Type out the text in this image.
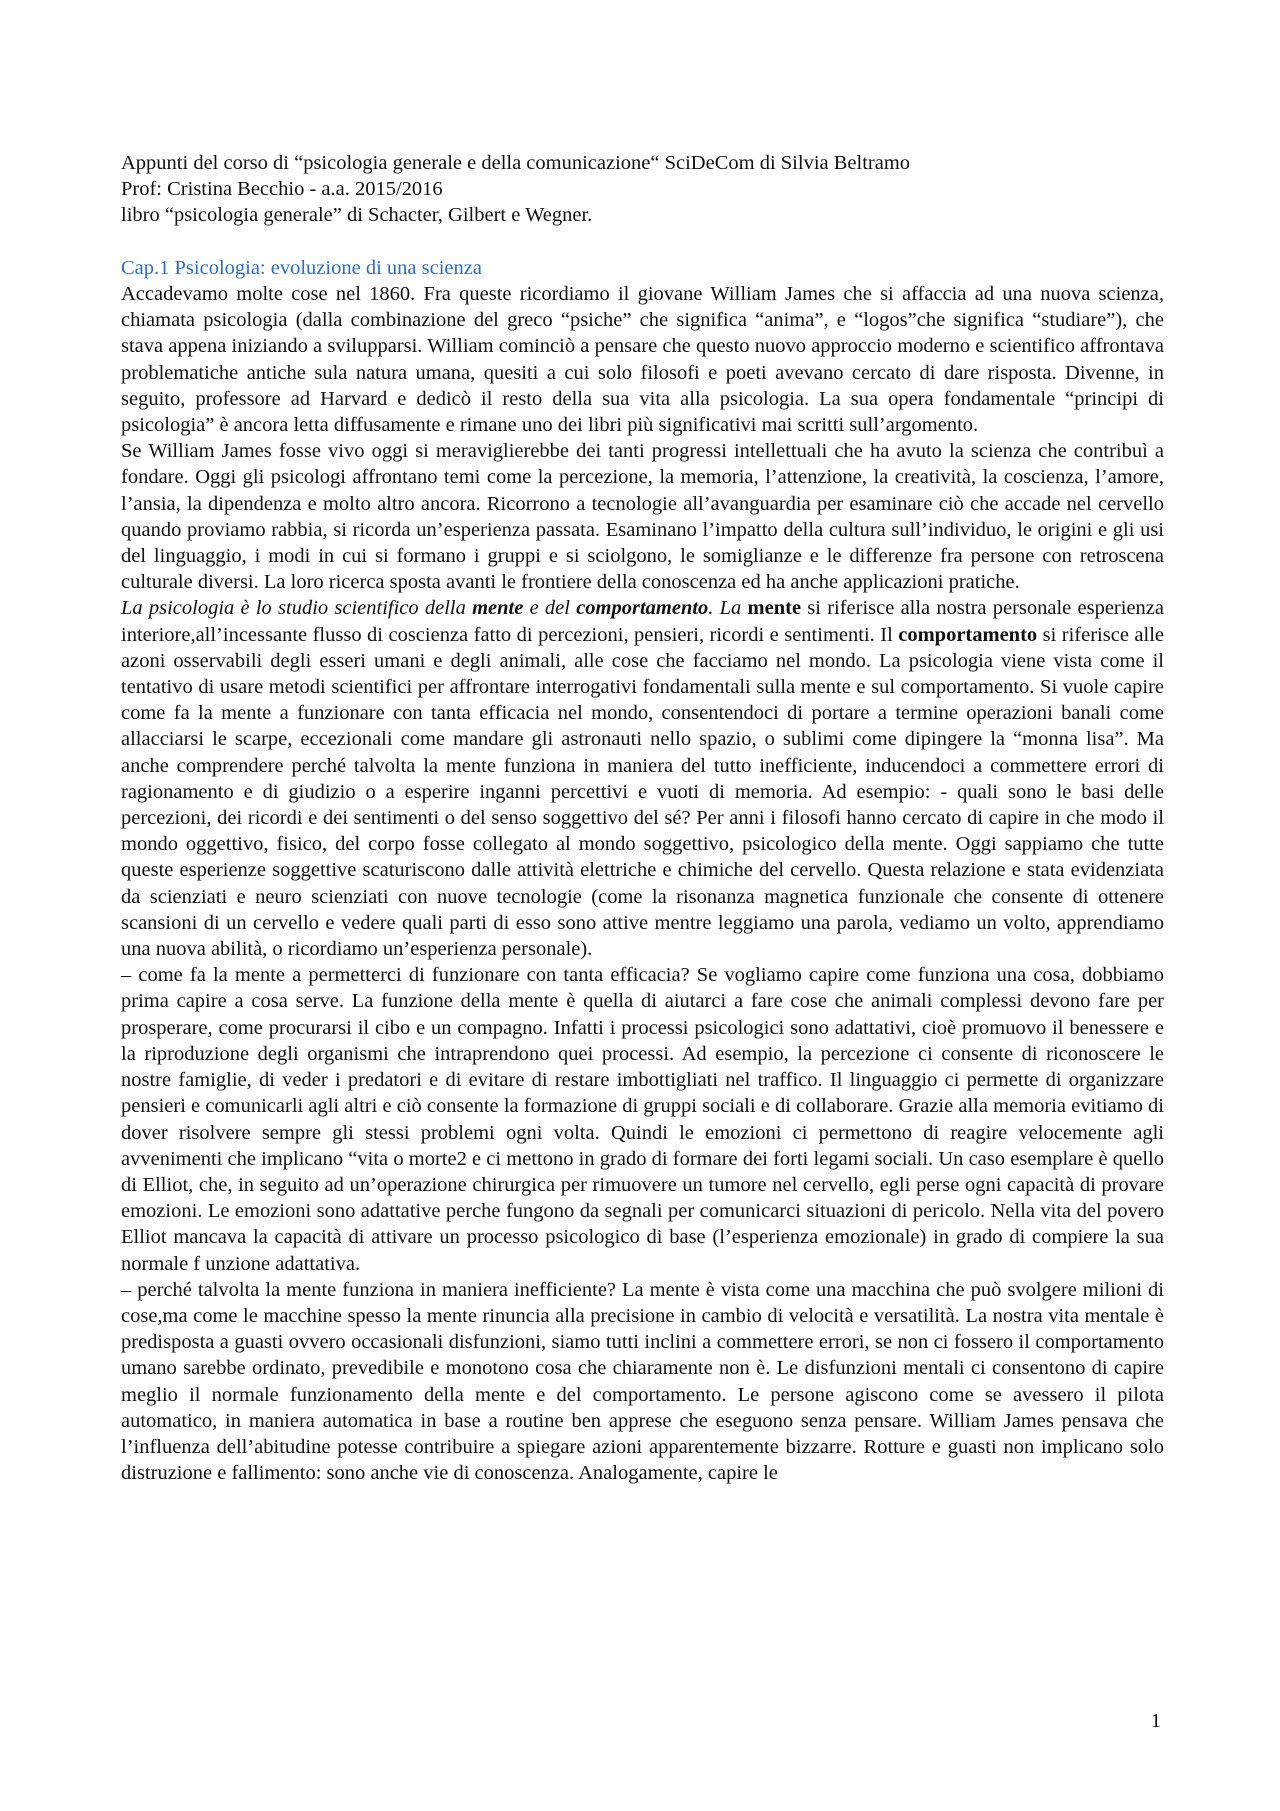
Appunti del corso di “psicologia generale e della comunicazione“ SciDeCom di Silvia Beltramo

Prof: Cristina Becchio - a.a. 2015/2016

libro “psicologia generale” di Schacter, Gilbert e Wegner.

Cap.1 Psicologia: evoluzione di una scienza

Accadevamo molte cose nel 1860. Fra queste ricordiamo il giovane William James che si affaccia ad una nuova scienza, chiamata psicologia (dalla combinazione del greco “psiche” che significa “anima”, e “logos”che significa “studiare”), che stava appena iniziando a svilupparsi. William cominciò a pensare che questo nuovo approccio moderno e scientifico affrontava problematiche antiche sula natura umana, quesiti a cui solo filosofi e poeti avevano cercato di dare risposta. Divenne, in seguito, professore ad Harvard e dedicò il resto della sua vita alla psicologia. La sua opera fondamentale “principi di psicologia” è ancora letta diffusamente e rimane uno dei libri più significativi mai scritti sull’argomento.

Se William James fosse vivo oggi si meraviglierebbe dei tanti progressi intellettuali che ha avuto la scienza che contribuì a fondare. Oggi gli psicologi affrontano temi come la percezione, la memoria, l’attenzione, la creatività, la coscienza, l’amore, l’ansia, la dipendenza e molto altro ancora. Ricorrono a tecnologie all’avanguardia per esaminare ciò che accade nel cervello quando proviamo rabbia, si ricorda un’esperienza passata. Esaminano l’impatto della cultura sull’individuo, le origini e gli usi del linguaggio, i modi in cui si formano i gruppi e si sciolgono, le somiglianze e le differenze fra persone con retroscena culturale diversi. La loro ricerca sposta avanti le frontiere della conoscenza ed ha anche applicazioni pratiche.

La psicologia è lo studio scientifico della mente e del comportamento. La mente si riferisce alla nostra personale esperienza interiore,all’incessante flusso di coscienza fatto di percezioni, pensieri, ricordi e sentimenti. Il comportamento si riferisce alle azoni osservabili degli esseri umani e degli animali, alle cose che facciamo nel mondo. La psicologia viene vista come il tentativo di usare metodi scientifici per affrontare interrogativi fondamentali sulla mente e sul comportamento. Si vuole capire come fa la mente a funzionare con tanta efficacia nel mondo, consentendoci di portare a termine operazioni banali come allacciarsi le scarpe, eccezionali come mandare gli astronauti nello spazio, o sublimi come dipingere la “monna lisa”. Ma anche comprendere perché talvolta la mente funziona in maniera del tutto inefficiente, inducendoci a commettere errori di ragionamento e di giudizio o a esperire inganni percettivi e vuoti di memoria. Ad esempio: - quali sono le basi delle percezioni, dei ricordi e dei sentimenti o del senso soggettivo del sé? Per anni i filosofi hanno cercato di capire in che modo il mondo oggettivo, fisico, del corpo fosse collegato al mondo soggettivo, psicologico della mente. Oggi sappiamo che tutte queste esperienze soggettive scaturiscono dalle attività elettriche e chimiche del cervello. Questa relazione e stata evidenziata da scienziati e neuro scienziati con nuove tecnologie (come la risonanza magnetica funzionale che consente di ottenere scansioni di un cervello e vedere quali parti di esso sono attive mentre leggiamo una parola, vediamo un volto, apprendiamo una nuova abilità, o ricordiamo un’esperienza personale).

– come fa la mente a permetterci di funzionare con tanta efficacia? Se vogliamo capire come funziona una cosa, dobbiamo prima capire a cosa serve. La funzione della mente è quella di aiutarci a fare cose che animali complessi devono fare per prosperare, come procurarsi il cibo e un compagno. Infatti i processi psicologici sono adattativi, cioè promuovo il benessere e la riproduzione degli organismi che intraprendono quei processi. Ad esempio, la percezione ci consente di riconoscere le nostre famiglie, di veder i predatori e di evitare di restare imbottigliati nel traffico. Il linguaggio ci permette di organizzare pensieri e comunicarli agli altri e ciò consente la formazione di gruppi sociali e di collaborare. Grazie alla memoria evitiamo di dover risolvere sempre gli stessi problemi ogni volta. Quindi le emozioni ci permettono di reagire velocemente agli avvenimenti che implicano “vita o morte2 e ci mettono in grado di formare dei forti legami sociali. Un caso esemplare è quello di Elliot, che, in seguito ad un’operazione chirurgica per rimuovere un tumore nel cervello, egli perse ogni capacità di provare emozioni. Le emozioni sono adattative perche fungono da segnali per comunicarci situazioni di pericolo. Nella vita del povero Elliot mancava la capacità di attivare un processo psicologico di base (l’esperienza emozionale) in grado di compiere la sua normale f unzione adattativa.

– perché talvolta la mente funziona in maniera inefficiente? La mente è vista come una macchina che può svolgere milioni di cose,ma come le macchine spesso la mente rinuncia alla precisione in cambio di velocità e versatilità. La nostra vita mentale è predisposta a guasti ovvero occasionali disfunzioni, siamo tutti inclini a commettere errori, se non ci fossero il comportamento umano sarebbe ordinato, prevedibile e monotono cosa che chiaramente non è. Le disfunzioni mentali ci consentono di capire meglio il normale funzionamento della mente e del comportamento. Le persone agiscono come se avessero il pilota automatico, in maniera automatica in base a routine ben apprese che eseguono senza pensare. William James pensava che l’influenza dell’abitudine potesse contribuire a spiegare azioni apparentemente bizzarre. Rotture e guasti non implicano solo distruzione e fallimento: sono anche vie di conoscenza. Analogamente, capire le

1
